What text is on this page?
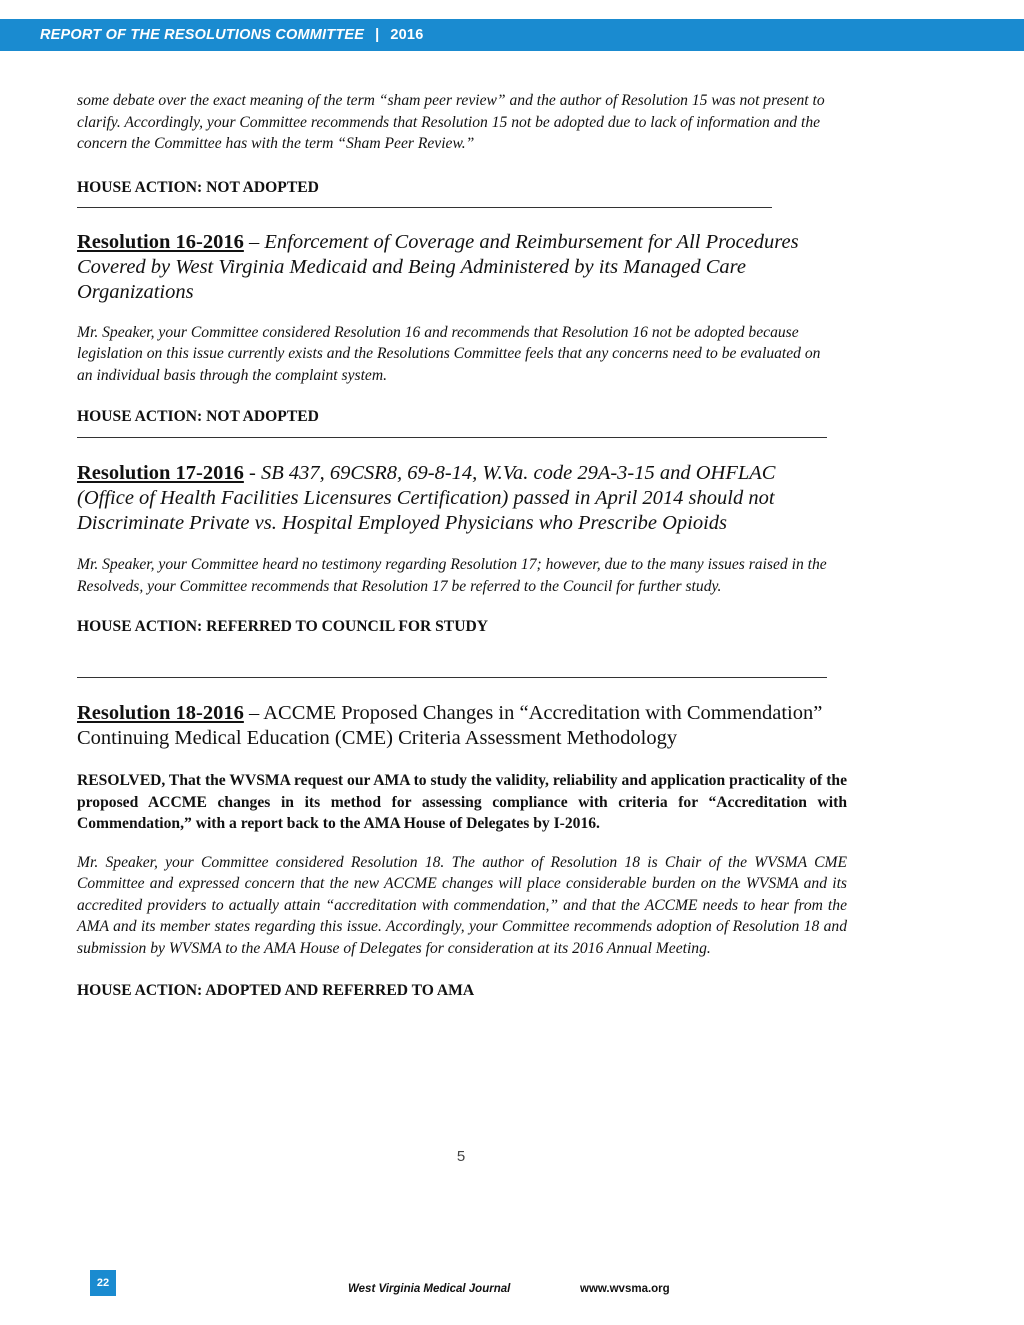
REPORT OF THE RESOLUTIONS COMMITTEE | 2016

some debate over the exact meaning of the term “sham peer review” and the author of Resolution 15 was not present to clarify. Accordingly, your Committee recommends that Resolution 15 not be adopted due to lack of information and the concern the Committee has with the term “Sham Peer Review.”

HOUSE ACTION: NOT ADOPTED

Resolution 16-2016 – Enforcement of Coverage and Reimbursement for All Procedures Covered by West Virginia Medicaid and Being Administered by its Managed Care Organizations

Mr. Speaker, your Committee considered Resolution 16 and recommends that Resolution 16 not be adopted because legislation on this issue currently exists and the Resolutions Committee feels that any concerns need to be evaluated on an individual basis through the complaint system.

HOUSE ACTION: NOT ADOPTED

Resolution 17-2016 - SB 437, 69CSR8, 69-8-14, W.Va. code 29A-3-15 and OHFLAC (Office of Health Facilities Licensures Certification) passed in April 2014 should not Discriminate Private vs. Hospital Employed Physicians who Prescribe Opioids

Mr. Speaker, your Committee heard no testimony regarding Resolution 17; however, due to the many issues raised in the Resolveds, your Committee recommends that Resolution 17 be referred to the Council for further study.

HOUSE ACTION: REFERRED TO COUNCIL FOR STUDY

Resolution 18-2016 – ACCME Proposed Changes in “Accreditation with Commendation” Continuing Medical Education (CME) Criteria Assessment Methodology

RESOLVED, That the WVSMA request our AMA to study the validity, reliability and application practicality of the proposed ACCME changes in its method for assessing compliance with criteria for “Accreditation with Commendation,” with a report back to the AMA House of Delegates by I-2016.

Mr. Speaker, your Committee considered Resolution 18. The author of Resolution 18 is Chair of the WVSMA CME Committee and expressed concern that the new ACCME changes will place considerable burden on the WVSMA and its accredited providers to actually attain “accreditation with commendation,” and that the ACCME needs to hear from the AMA and its member states regarding this issue. Accordingly, your Committee recommends adoption of Resolution 18 and submission by WVSMA to the AMA House of Delegates for consideration at its 2016 Annual Meeting.

HOUSE ACTION: ADOPTED AND REFERRED TO AMA

5
22	West Virginia Medical Journal	www.wvsma.org
